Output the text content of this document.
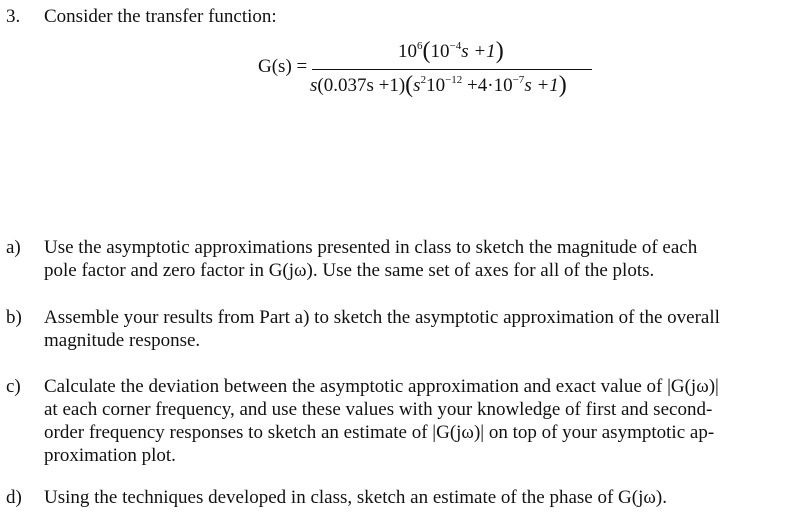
3. Consider the transfer function:
G(s) =
$10^6(10^{-4}s +1)$
$s(0.037s +1)(s^210^{-12} +4\cdot 10^{-7}s +1)$
a) Use the asymptotic approximations presented in class to sketch the magnitude of each
pole factor and zero factor in G(jω). Use the same set of axes for all of the plots.
b) Assemble your results from Part a) to sketch the asymptotic approximation of the overall
magnitude response.
c) Calculate the deviation between the asymptotic approximation and exact value of |G(jω)|
at each corner frequency, and use these values with your knowledge of first and second-
order frequency responses to sketch an estimate of |G(jω)| on top of your asymptotic ap-
proximation plot.
d) Using the techniques developed in class, sketch an estimate of the phase of G(jω).
